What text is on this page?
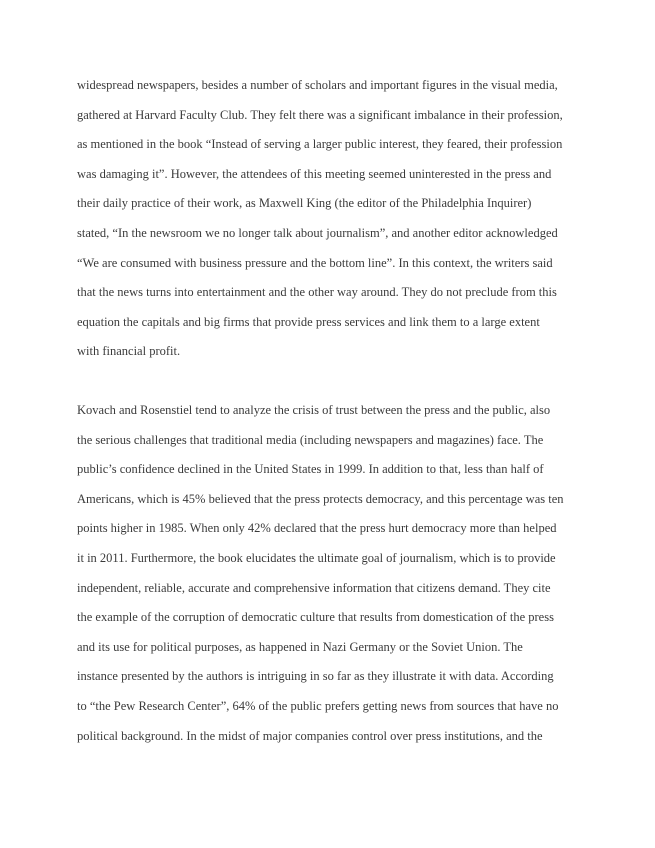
widespread newspapers, besides a number of scholars and important figures in the visual media,
gathered at Harvard Faculty Club. They felt there was a significant imbalance in their profession,
as mentioned in the book “Instead of serving a larger public interest, they feared, their profession
was damaging it”. However, the attendees of this meeting seemed uninterested in the press and
their daily practice of their work, as Maxwell King (the editor of the Philadelphia Inquirer)
stated, “In the newsroom we no longer talk about journalism”, and another editor acknowledged
“We are consumed with business pressure and the bottom line”. In this context, the writers said
that the news turns into entertainment and the other way around. They do not preclude from this
equation the capitals and big firms that provide press services and link them to a large extent
with financial profit.
Kovach and Rosenstiel tend to analyze the crisis of trust between the press and the public, also
the serious challenges that traditional media (including newspapers and magazines) face. The
public’s confidence declined in the United States in 1999. In addition to that, less than half of
Americans, which is 45% believed that the press protects democracy, and this percentage was ten
points higher in 1985. When only 42% declared that the press hurt democracy more than helped
it in 2011. Furthermore, the book elucidates the ultimate goal of journalism, which is to provide
independent, reliable, accurate and comprehensive information that citizens demand. They cite
the example of the corruption of democratic culture that results from domestication of the press
and its use for political purposes, as happened in Nazi Germany or the Soviet Union. The
instance presented by the authors is intriguing in so far as they illustrate it with data. According
to “the Pew Research Center”, 64% of the public prefers getting news from sources that have no
political background. In the midst of major companies control over press institutions, and the
